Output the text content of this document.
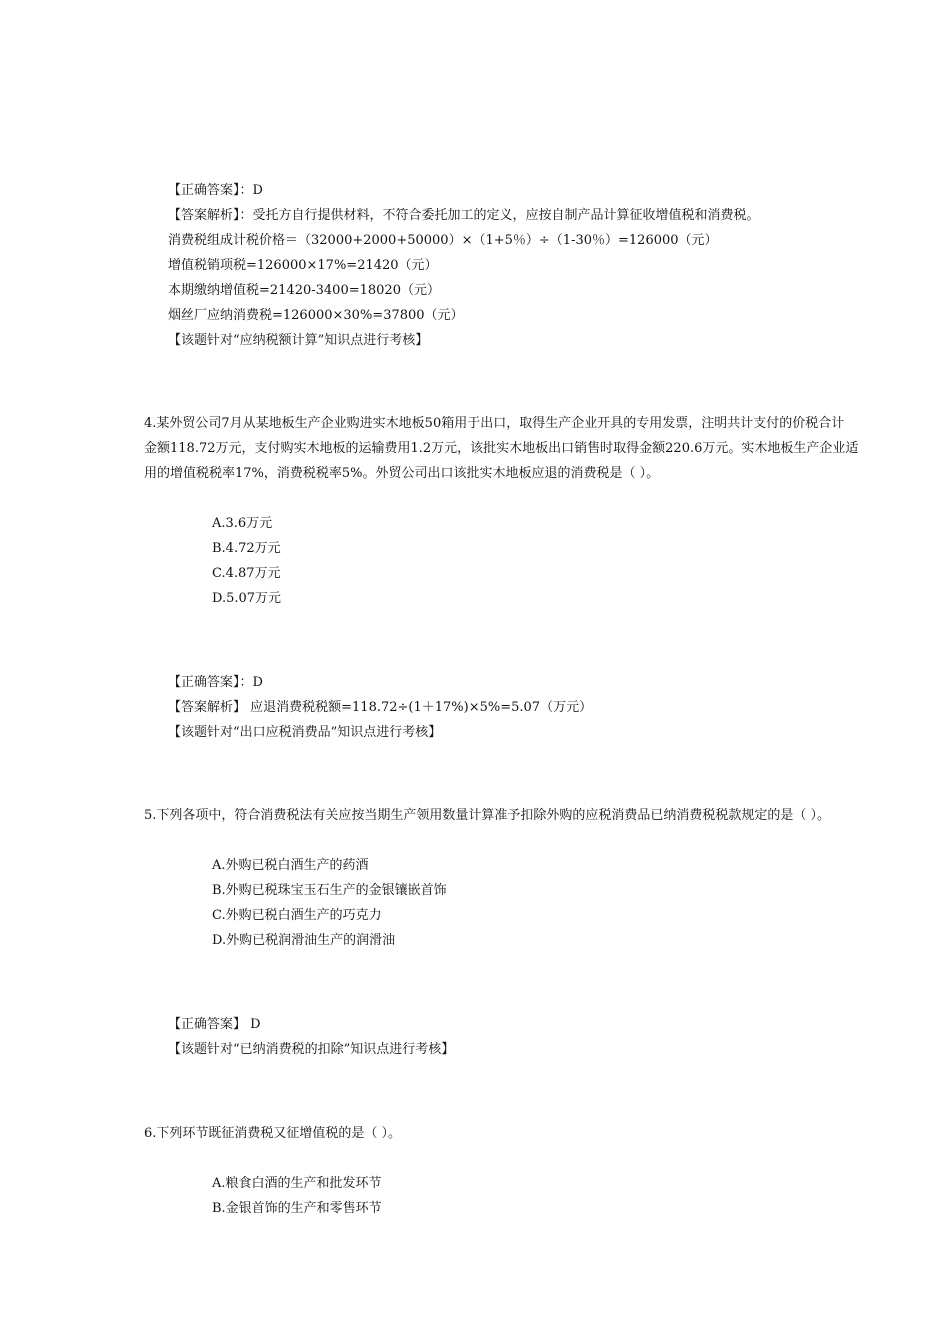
【正确答案】：D
【答案解析】：受托方自行提供材料，不符合委托加工的定义，应按自制产品计算征收增值税和消费税。
消费税组成计税价格＝（32000+2000+50000）×（1+5％）÷（1-30％）=126000（元）
增值税销项税=126000×17%=21420（元）
本期缴纳增值税=21420-3400=18020（元）
烟丝厂应纳消费税=126000×30%=37800（元）
【该题针对“应纳税额计算”知识点进行考核】
4.某外贸公司7月从某地板生产企业购进实木地板50箱用于出口，取得生产企业开具的专用发票，注明共计支付的价税合计
金额118.72万元，支付购实木地板的运输费用1.2万元，该批实木地板出口销售时取得金额220.6万元。实木地板生产企业适
用的增值税税率17%，消费税税率5%。外贸公司出口该批实木地板应退的消费税是（ ）。
A.3.6万元
B.4.72万元
C.4.87万元
D.5.07万元
【正确答案】：D
【答案解析】 应退消费税税额=118.72÷(1＋17%)×5%=5.07（万元）
【该题针对“出口应税消费品”知识点进行考核】
5.下列各项中，符合消费税法有关应按当期生产领用数量计算准予扣除外购的应税消费品已纳消费税税款规定的是（ ）。
A.外购已税白酒生产的药酒
B.外购已税珠宝玉石生产的金银镶嵌首饰
C.外购已税白酒生产的巧克力
D.外购已税润滑油生产的润滑油
【正确答案】 D
【该题针对“已纳消费税的扣除”知识点进行考核】
6.下列环节既征消费税又征增值税的是（ ）。
A.粮食白酒的生产和批发环节
B.金银首饰的生产和零售环节
